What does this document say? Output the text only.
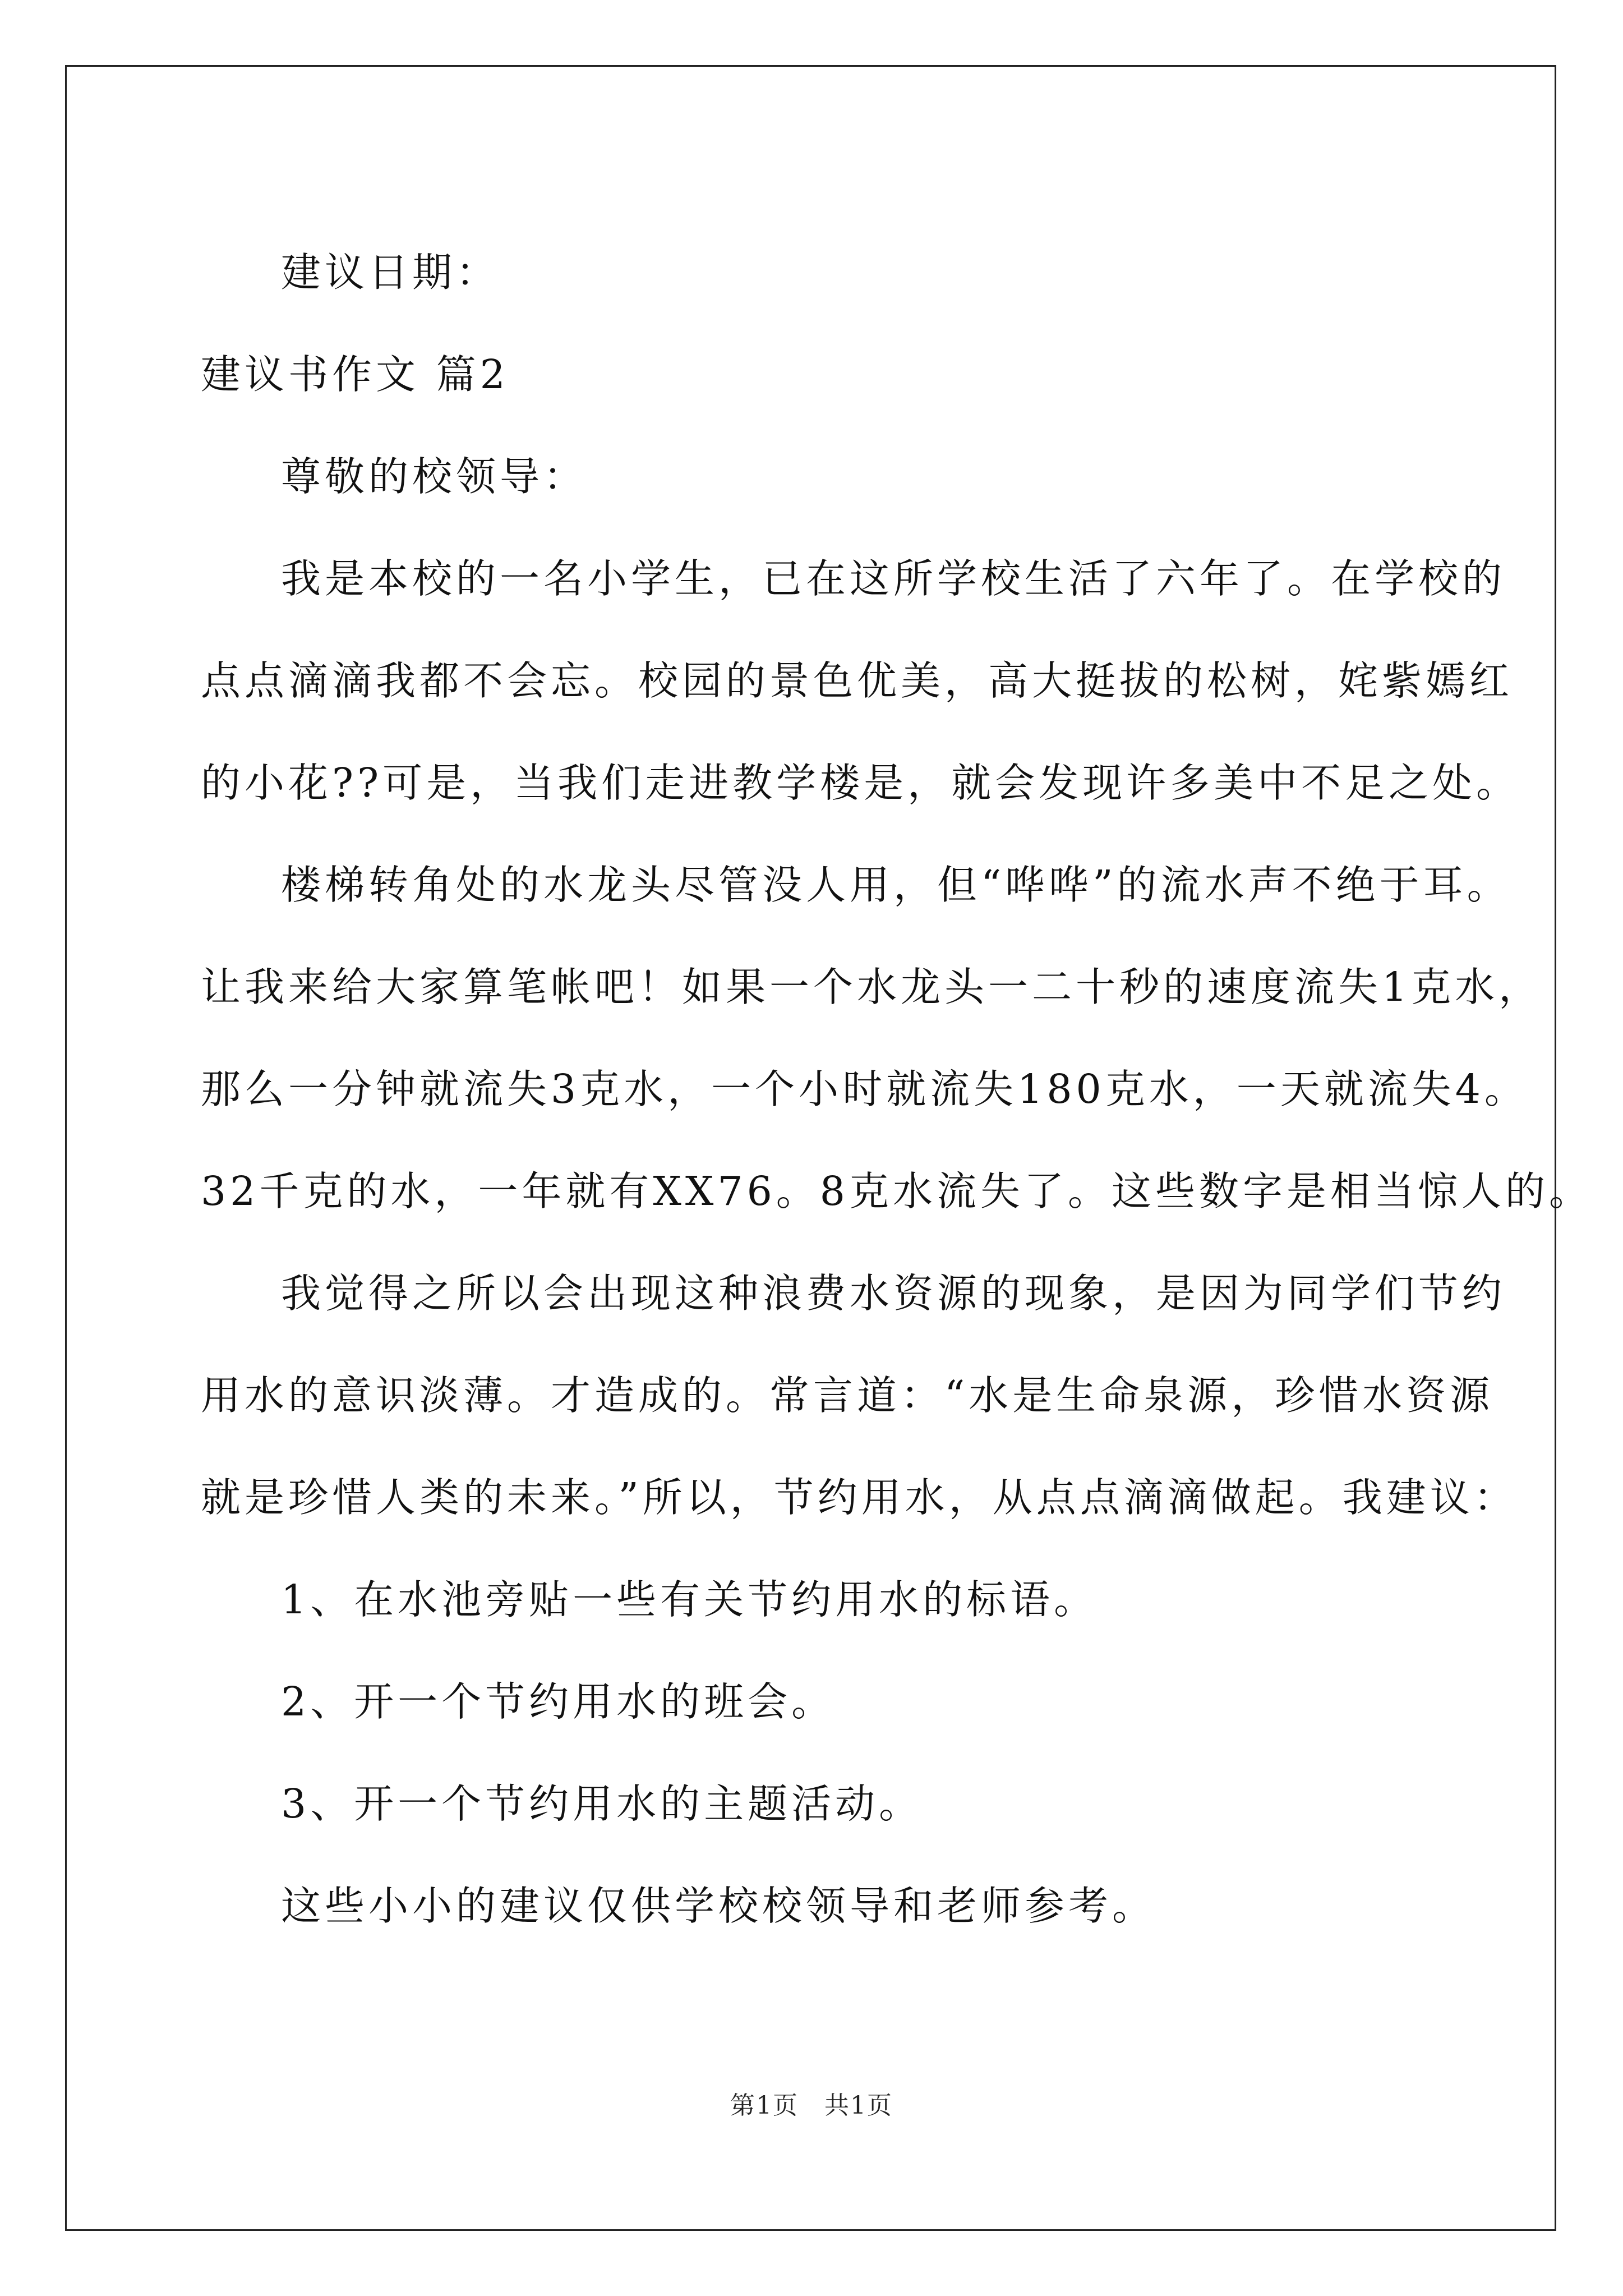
建议日期：

建议书作文 篇2

尊敬的校领导：

我是本校的一名小学生，已在这所学校生活了六年了。在学校的

点点滴滴我都不会忘。校园的景色优美，高大挺拔的松树，姹紫嫣红

的小花??可是，当我们走进教学楼是，就会发现许多美中不足之处。

楼梯转角处的水龙头尽管没人用，但“哗哗”的流水声不绝于耳。

让我来给大家算笔帐吧！如果一个水龙头一二十秒的速度流失1克水，

那么一分钟就流失3克水，一个小时就流失180克水，一天就流失4。

32千克的水，一年就有XX76。8克水流失了。这些数字是相当惊人的。

我觉得之所以会出现这种浪费水资源的现象，是因为同学们节约

用水的意识淡薄。才造成的。常言道：“水是生命泉源，珍惜水资源

就是珍惜人类的未来。”所以，节约用水，从点点滴滴做起。我建议：

1、在水池旁贴一些有关节约用水的标语。

2、开一个节约用水的班会。

3、开一个节约用水的主题活动。

这些小小的建议仅供学校校领导和老师参考。

第1页　共1页
